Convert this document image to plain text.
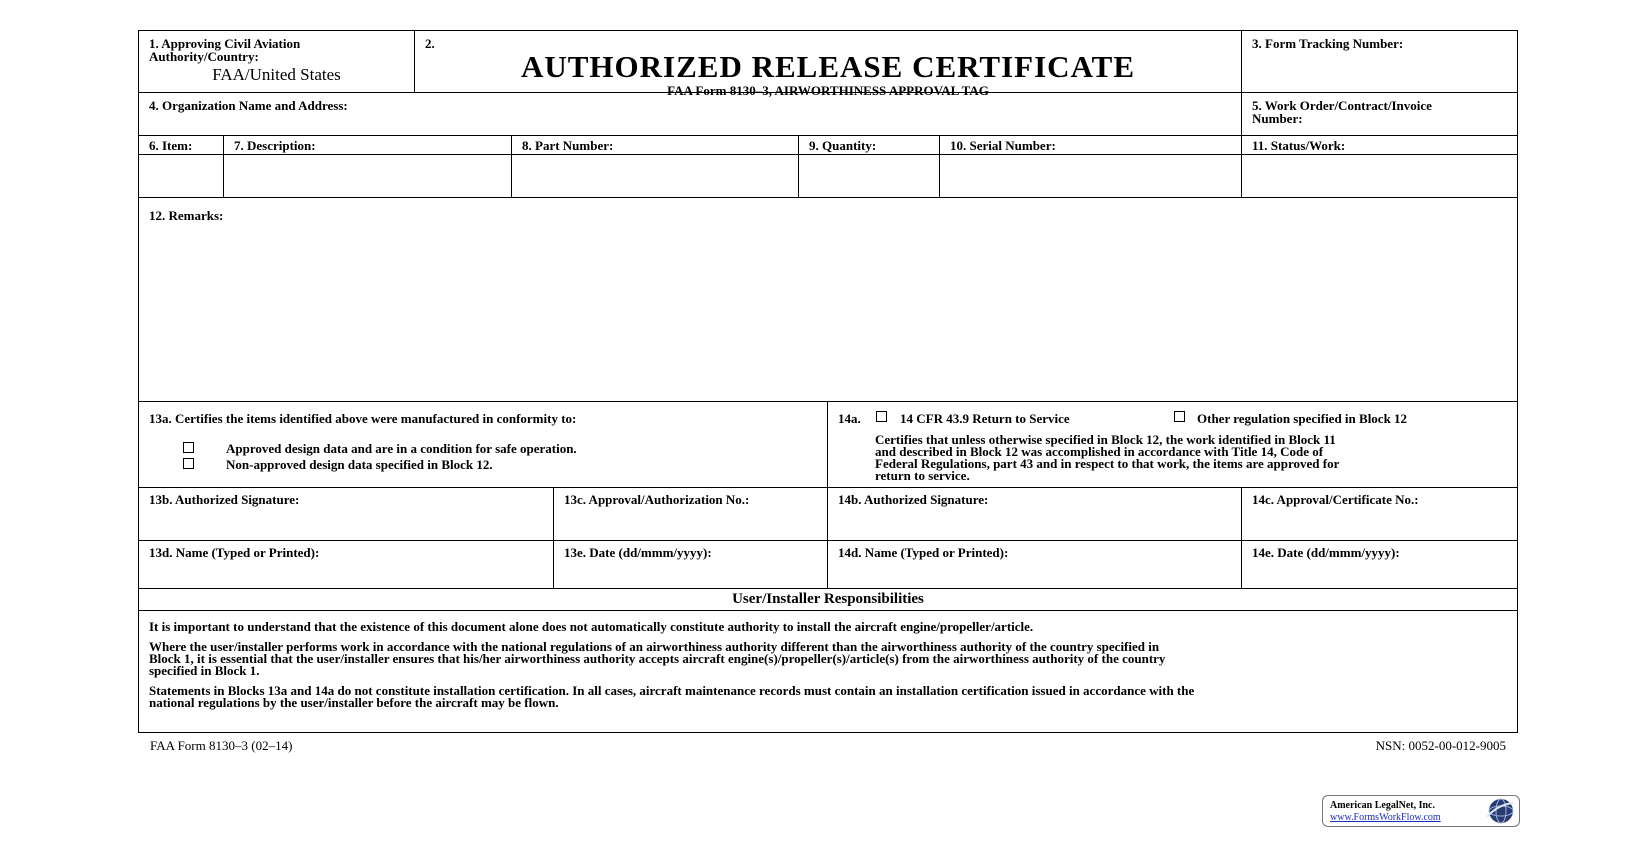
1. Approving Civil Aviation
Authority/Country:
FAA/United States
2.
AUTHORIZED RELEASE CERTIFICATE
FAA Form 8130–3, AIRWORTHINESS APPROVAL TAG
3. Form Tracking Number:
4. Organization Name and Address:	5. Work Order/Contract/Invoice
Number:
6. Item:	7. Description:	8. Part Number:	9. Quantity:	10. Serial Number:	11. Status/Work:
12. Remarks:
13a. Certifies the items identified above were manufactured in conformity to:
Approved design data and are in a condition for safe operation.
Non-approved design data specified in Block 12.
14a.	14 CFR 43.9 Return to Service	Other regulation specified in Block 12
Certifies that unless otherwise specified in Block 12, the work identified in Block 11
and described in Block 12 was accomplished in accordance with Title 14, Code of
Federal Regulations, part 43 and in respect to that work, the items are approved for
return to service.
13b. Authorized Signature:	13c. Approval/Authorization No.:	14b. Authorized Signature:	14c. Approval/Certificate No.:
13d. Name (Typed or Printed):	13e. Date (dd/mmm/yyyy):	14d. Name (Typed or Printed):	14e. Date (dd/mmm/yyyy):
User/Installer Responsibilities
It is important to understand that the existence of this document alone does not automatically constitute authority to install the aircraft engine/propeller/article.
Where the user/installer performs work in accordance with the national regulations of an airworthiness authority different than the airworthiness authority of the country specified in
Block 1, it is essential that the user/installer ensures that his/her airworthiness authority accepts aircraft engine(s)/propeller(s)/article(s) from the airworthiness authority of the country
specified in Block 1.
Statements in Blocks 13a and 14a do not constitute installation certification. In all cases, aircraft maintenance records must contain an installation certification issued in accordance with the
national regulations by the user/installer before the aircraft may be flown.
FAA Form 8130–3 (02–14)	NSN: 0052-00-012-9005
American LegalNet, Inc.
www.FormsWorkFlow.com
